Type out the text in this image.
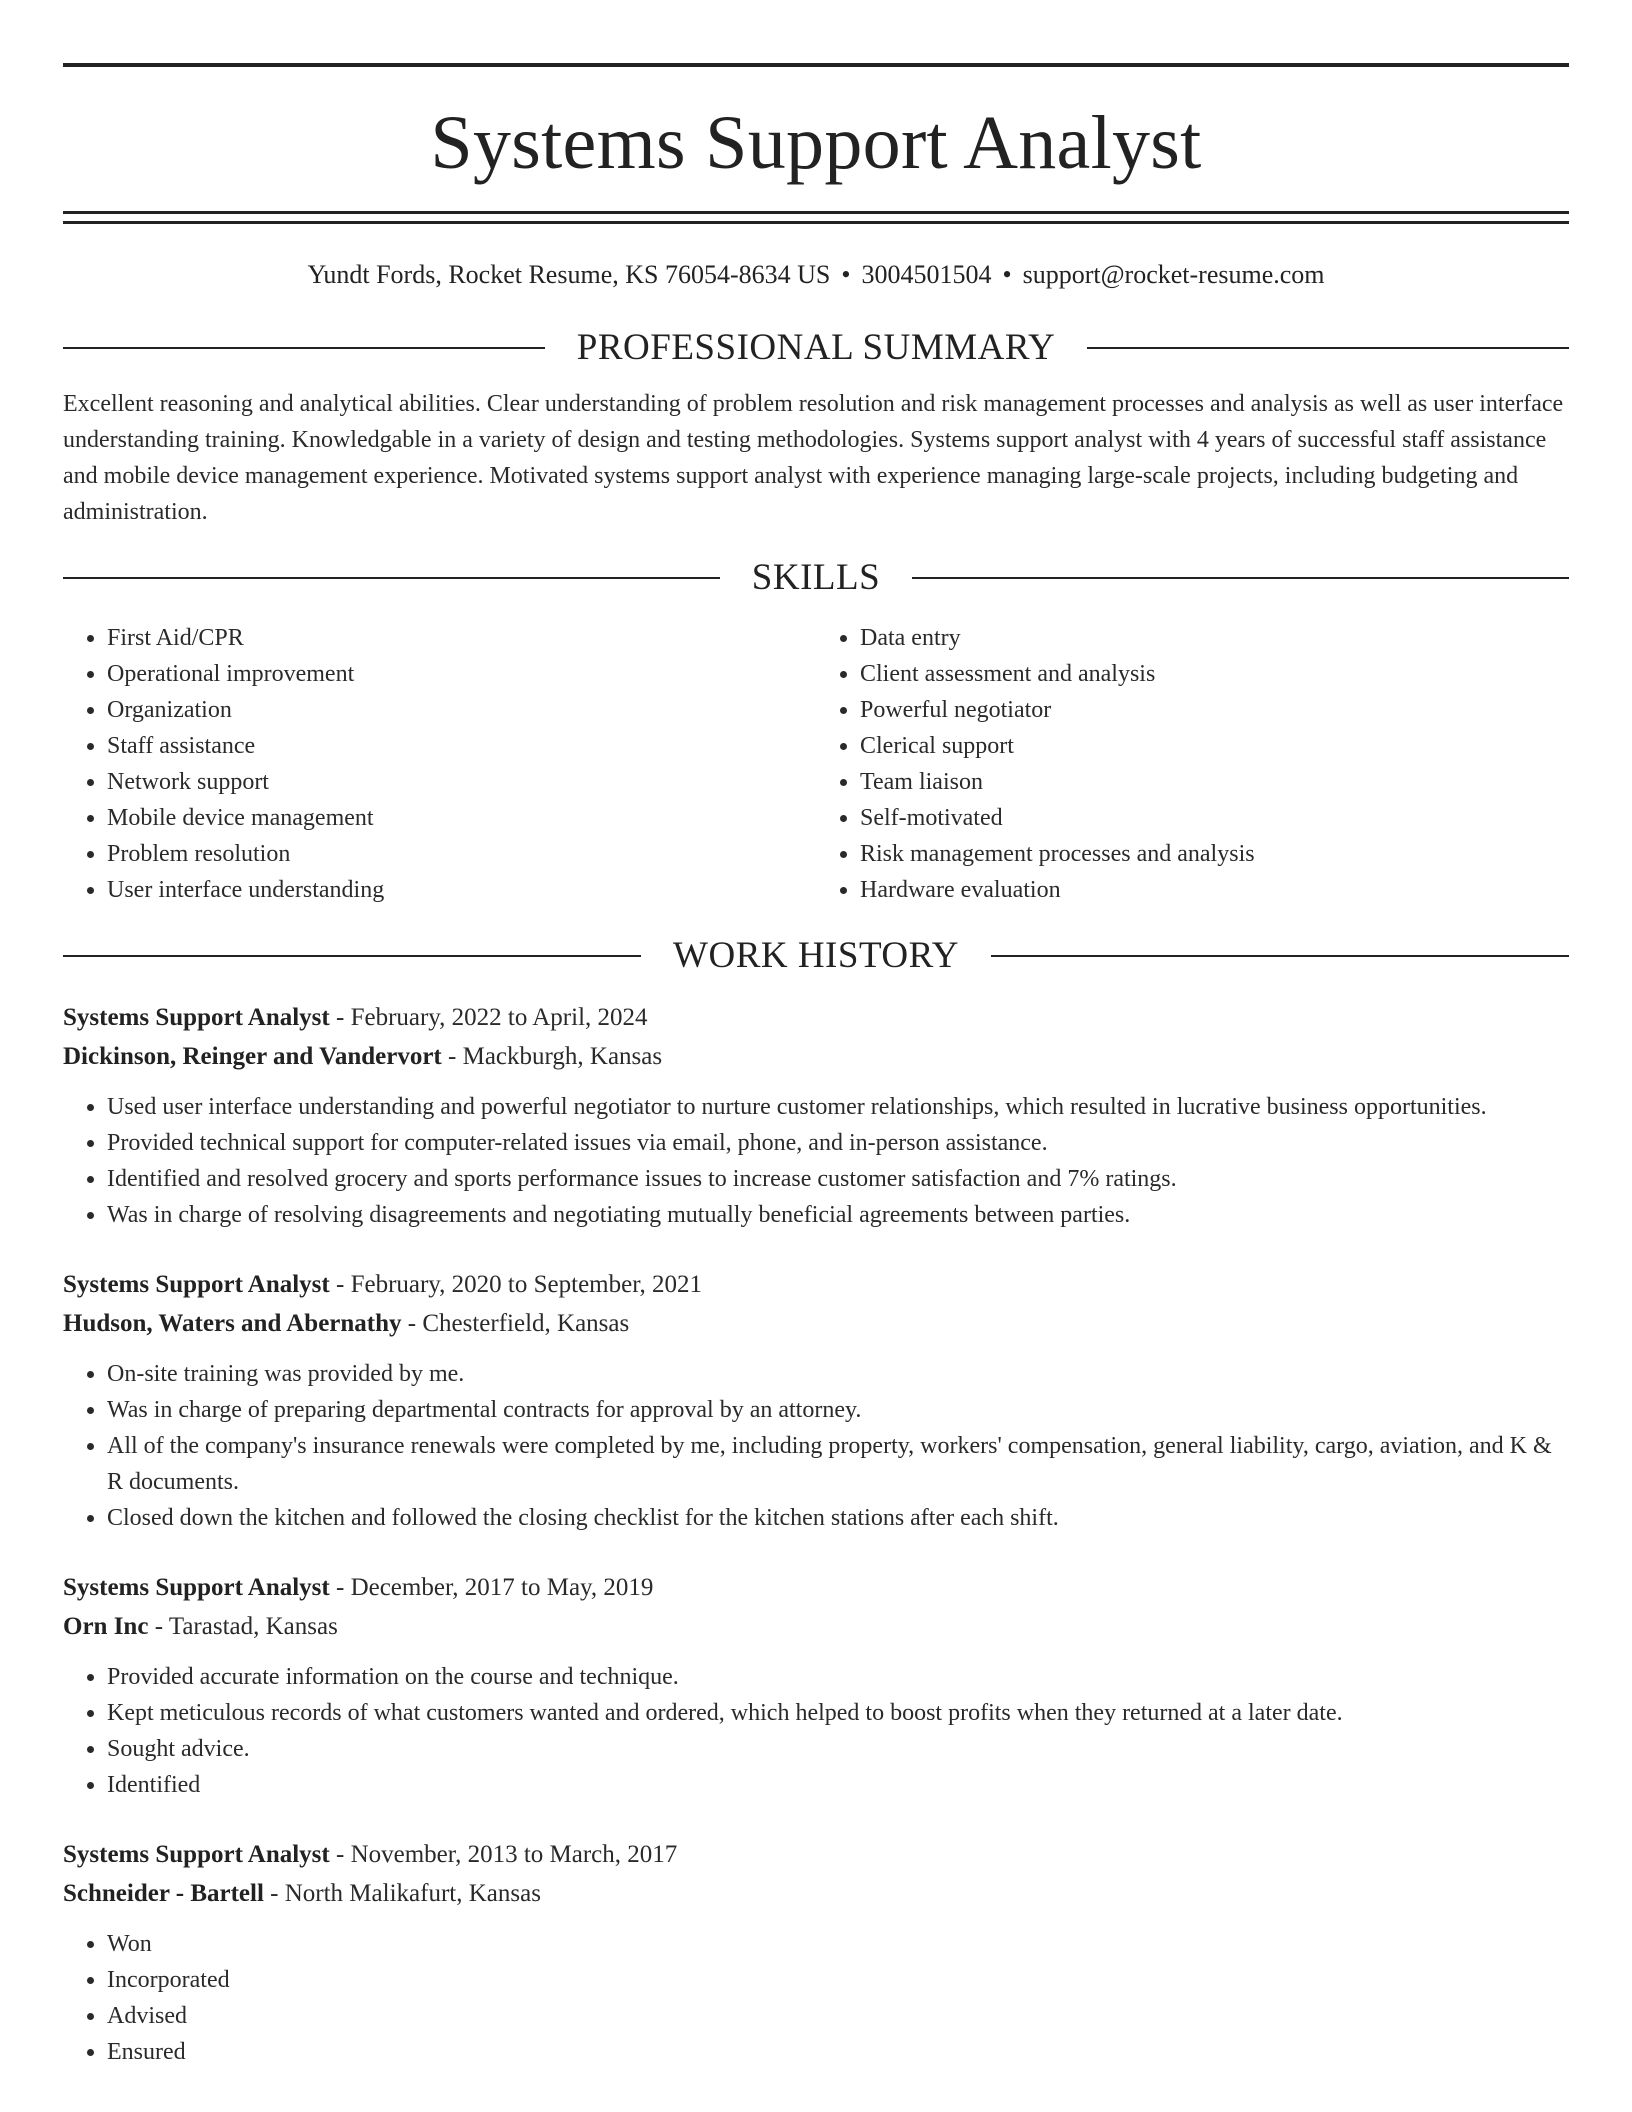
Systems Support Analyst
Yundt Fords, Rocket Resume, KS 76054-8634 US • 3004501504 • support@rocket-resume.com
PROFESSIONAL SUMMARY
Excellent reasoning and analytical abilities. Clear understanding of problem resolution and risk management processes and analysis as well as user interface understanding training. Knowledgable in a variety of design and testing methodologies. Systems support analyst with 4 years of successful staff assistance and mobile device management experience. Motivated systems support analyst with experience managing large-scale projects, including budgeting and administration.
SKILLS
• First Aid/CPR
• Operational improvement
• Organization
• Staff assistance
• Network support
• Mobile device management
• Problem resolution
• User interface understanding
• Data entry
• Client assessment and analysis
• Powerful negotiator
• Clerical support
• Team liaison
• Self-motivated
• Risk management processes and analysis
• Hardware evaluation
WORK HISTORY
Systems Support Analyst - February, 2022 to April, 2024
Dickinson, Reinger and Vandervort - Mackburgh, Kansas
• Used user interface understanding and powerful negotiator to nurture customer relationships, which resulted in lucrative business opportunities.
• Provided technical support for computer-related issues via email, phone, and in-person assistance.
• Identified and resolved grocery and sports performance issues to increase customer satisfaction and 7% ratings.
• Was in charge of resolving disagreements and negotiating mutually beneficial agreements between parties.
Systems Support Analyst - February, 2020 to September, 2021
Hudson, Waters and Abernathy - Chesterfield, Kansas
• On-site training was provided by me.
• Was in charge of preparing departmental contracts for approval by an attorney.
• All of the company's insurance renewals were completed by me, including property, workers' compensation, general liability, cargo, aviation, and K & R documents.
• Closed down the kitchen and followed the closing checklist for the kitchen stations after each shift.
Systems Support Analyst - December, 2017 to May, 2019
Orn Inc - Tarastad, Kansas
• Provided accurate information on the course and technique.
• Kept meticulous records of what customers wanted and ordered, which helped to boost profits when they returned at a later date.
• Sought advice.
• Identified
Systems Support Analyst - November, 2013 to March, 2017
Schneider - Bartell - North Malikafurt, Kansas
• Won
• Incorporated
• Advised
• Ensured
